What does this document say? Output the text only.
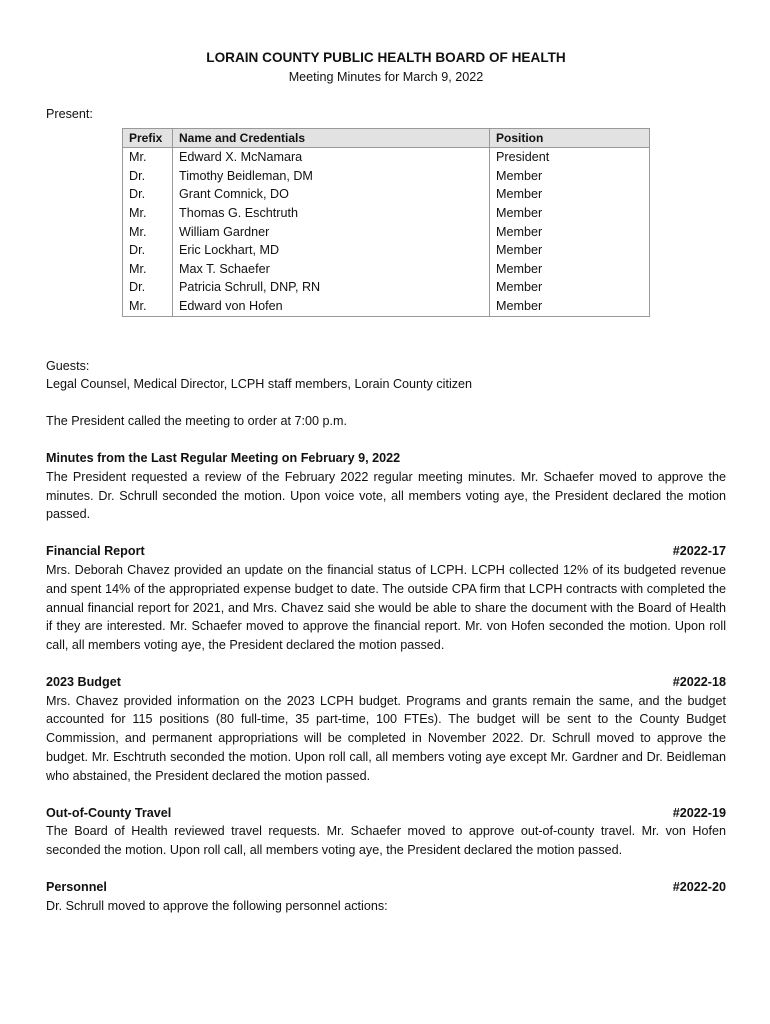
LORAIN COUNTY PUBLIC HEALTH BOARD OF HEALTH

Meeting Minutes for March 9, 2022

Present:

Prefix	Name and Credentials	Position
Mr.	Edward X. McNamara	President
Dr.	Timothy Beidleman, DM	Member
Dr.	Grant Comnick, DO	Member
Mr.	Thomas G. Eschtruth	Member
Mr.	William Gardner	Member
Dr.	Eric Lockhart, MD	Member
Mr.	Max T. Schaefer	Member
Dr.	Patricia Schrull, DNP, RN	Member
Mr.	Edward von Hofen	Member

Guests:

Legal Counsel, Medical Director, LCPH staff members, Lorain County citizen

The President called the meeting to order at 7:00 p.m.

Minutes from the Last Regular Meeting on February 9, 2022

The President requested a review of the February 2022 regular meeting minutes. Mr. Schaefer moved to approve the minutes. Dr. Schrull seconded the motion. Upon voice vote, all members voting aye, the President declared the motion passed.

Financial Report	#2022-17

Mrs. Deborah Chavez provided an update on the financial status of LCPH. LCPH collected 12% of its budgeted revenue and spent 14% of the appropriated expense budget to date. The outside CPA firm that LCPH contracts with completed the annual financial report for 2021, and Mrs. Chavez said she would be able to share the document with the Board of Health if they are interested. Mr. Schaefer moved to approve the financial report. Mr. von Hofen seconded the motion. Upon roll call, all members voting aye, the President declared the motion passed.

2023 Budget	#2022-18

Mrs. Chavez provided information on the 2023 LCPH budget. Programs and grants remain the same, and the budget accounted for 115 positions (80 full-time, 35 part-time, 100 FTEs). The budget will be sent to the County Budget Commission, and permanent appropriations will be completed in November 2022. Dr. Schrull moved to approve the budget. Mr. Eschtruth seconded the motion. Upon roll call, all members voting aye except Mr. Gardner and Dr. Beidleman who abstained, the President declared the motion passed.

Out-of-County Travel	#2022-19

The Board of Health reviewed travel requests. Mr. Schaefer moved to approve out-of-county travel. Mr. von Hofen seconded the motion. Upon roll call, all members voting aye, the President declared the motion passed.

Personnel	#2022-20

Dr. Schrull moved to approve the following personnel actions:
